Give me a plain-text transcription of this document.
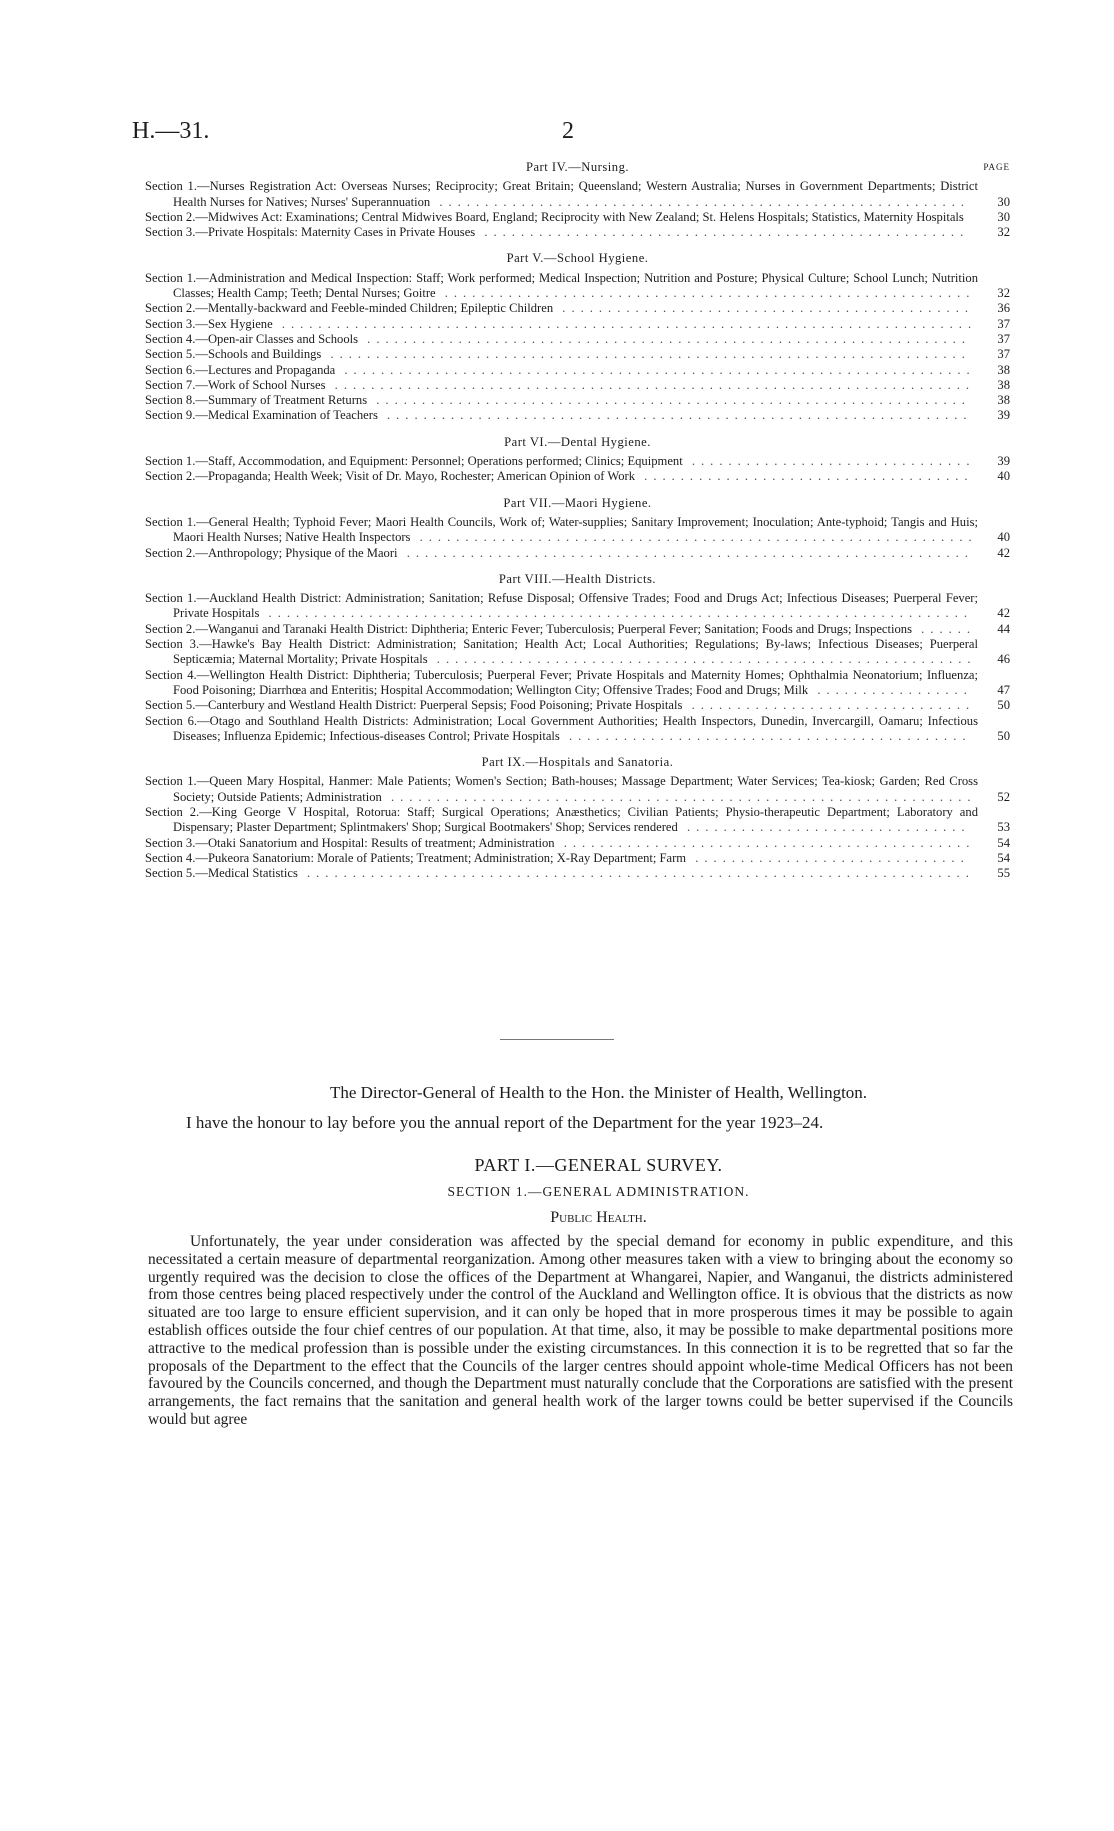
H.—31.	2
Part IV.—Nursing.	PAGE
Section 1.—Nurses Registration Act: Overseas Nurses; Reciprocity; Great Britain; Queensland; Western Australia; Nurses in Government Departments; District Health Nurses for Natives; Nurses' Superannuation ..........................................................	30
Section 2.—Midwives Act: Examinations; Central Midwives Board, England; Reciprocity with New Zealand; St. Helens Hospitals; Statistics, Maternity Hospitals	30
Section 3.—Private Hospitals: Maternity Cases in Private Houses .....................................................	32
Part V.—School Hygiene.
Section 1.—Administration and Medical Inspection: Staff; Work performed; Medical Inspection; Nutrition and Posture; Physical Culture; School Lunch; Nutrition Classes; Health Camp; Teeth; Dental Nurses; Goitre ..........................................................	32
Section 2.—Mentally-backward and Feeble-minded Children; Epileptic Children .............................................	36
Section 3.—Sex Hygiene ............................................................................	37
Section 4.—Open-air Classes and Schools ..................................................................	37
Section 5.—Schools and Buildings ......................................................................	37
Section 6.—Lectures and Propaganda .....................................................................	38
Section 7.—Work of School Nurses ......................................................................	38
Section 8.—Summary of Treatment Returns .................................................................	38
Section 9.—Medical Examination of Teachers ................................................................	39
Part VI.—Dental Hygiene.
Section 1.—Staff, Accommodation, and Equipment: Personnel; Operations performed; Clinics; Equipment ...............................	39
Section 2.—Propaganda; Health Week; Visit of Dr. Mayo, Rochester; American Opinion of Work ....................................	40
Part VII.—Maori Hygiene.
Section 1.—General Health; Typhoid Fever; Maori Health Councils, Work of; Water-supplies; Sanitary Improvement; Inoculation; Ante-typhoid; Tangis and Huis; Maori Health Nurses; Native Health Inspectors .............................................................	40
Section 2.—Anthropology; Physique of the Maori ..............................................................	42
Part VIII.—Health Districts.
Section 1.—Auckland Health District: Administration; Sanitation; Refuse Disposal; Offensive Trades; Food and Drugs Act; Infectious Diseases; Puerperal Fever; Private Hospitals .............................................................................	42
Section 2.—Wanganui and Taranaki Health District: Diphtheria; Enteric Fever; Tuberculosis; Puerperal Fever; Sanitation; Foods and Drugs; Inspections ......	44
Section 3.—Hawke's Bay Health District: Administration; Sanitation; Health Act; Local Authorities; Regulations; By-laws; Infectious Diseases; Puerperal Septicæmia; Maternal Mortality; Private Hospitals ...........................................................	46
Section 4.—Wellington Health District: Diphtheria; Tuberculosis; Puerperal Fever; Private Hospitals and Maternity Homes; Ophthalmia Neonatorium; Influenza; Food Poisoning; Diarrhœa and Enteritis; Hospital Accommodation; Wellington City; Offensive Trades; Food and Drugs; Milk .................	47
Section 5.—Canterbury and Westland Health District: Puerperal Sepsis; Food Poisoning; Private Hospitals ...............................	50
Section 6.—Otago and Southland Health Districts: Administration; Local Government Authorities; Health Inspectors, Dunedin, Invercargill, Oamaru; Infectious Diseases; Influenza Epidemic; Infectious-diseases Control; Private Hospitals ............................................	50
Part IX.—Hospitals and Sanatoria.
Section 1.—Queen Mary Hospital, Hanmer: Male Patients; Women's Section; Bath-houses; Massage Department; Water Services; Tea-kiosk; Garden; Red Cross Society; Outside Patients; Administration ................................................................	52
Section 2.—King George V Hospital, Rotorua: Staff; Surgical Operations; Anæsthetics; Civilian Patients; Physio-therapeutic Department; Laboratory and Dispensary; Plaster Department; Splintmakers' Shop; Surgical Bootmakers' Shop; Services rendered ...............................	53
Section 3.—Otaki Sanatorium and Hospital: Results of treatment; Administration .............................................	54
Section 4.—Pukeora Sanatorium: Morale of Patients; Treatment; Administration; X-Ray Department; Farm ..............................	54
Section 5.—Medical Statistics .........................................................................	55

The Director-General of Health to the Hon. the Minister of Health, Wellington.

I have the honour to lay before you the annual report of the Department for the year 1923–24.

PART I.—GENERAL SURVEY.

SECTION 1.—GENERAL ADMINISTRATION.

Public Health.

Unfortunately, the year under consideration was affected by the special demand for economy in public expenditure, and this necessitated a certain measure of departmental reorganization. Among other measures taken with a view to bringing about the economy so urgently required was the decision to close the offices of the Department at Whangarei, Napier, and Wanganui, the districts administered from those centres being placed respectively under the control of the Auckland and Wellington office. It is obvious that the districts as now situated are too large to ensure efficient supervision, and it can only be hoped that in more prosperous times it may be possible to again establish offices outside the four chief centres of our population. At that time, also, it may be possible to make departmental positions more attractive to the medical profession than is possible under the existing circumstances. In this connection it is to be regretted that so far the proposals of the Department to the effect that the Councils of the larger centres should appoint whole-time Medical Officers has not been favoured by the Councils concerned, and though the Department must naturally conclude that the Corporations are satisfied with the present arrangements, the fact remains that the sanitation and general health work of the larger towns could be better supervised if the Councils would but agree
